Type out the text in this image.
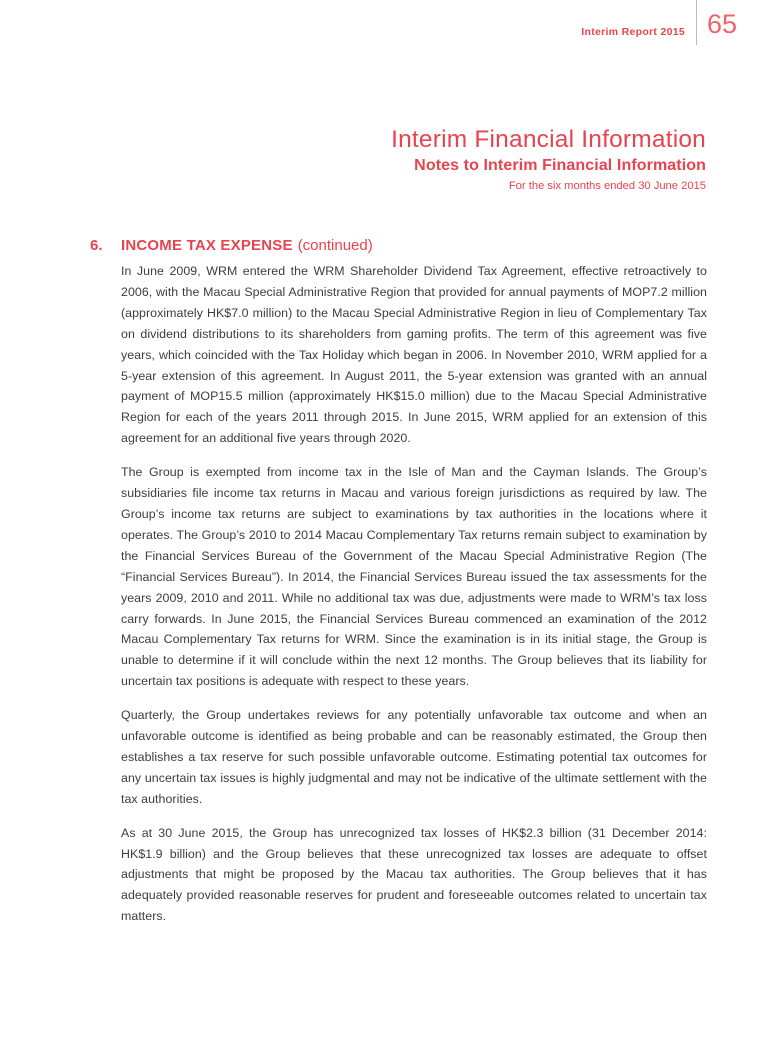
Interim Report 2015 65
Interim Financial Information
Notes to Interim Financial Information
For the six months ended 30 June 2015
6.	INCOME TAX EXPENSE (continued)

In June 2009, WRM entered the WRM Shareholder Dividend Tax Agreement, effective retroactively to 2006, with the Macau Special Administrative Region that provided for annual payments of MOP7.2 million (approximately HK$7.0 million) to the Macau Special Administrative Region in lieu of Complementary Tax on dividend distributions to its shareholders from gaming profits. The term of this agreement was five years, which coincided with the Tax Holiday which began in 2006. In November 2010, WRM applied for a 5-year extension of this agreement. In August 2011, the 5-year extension was granted with an annual payment of MOP15.5 million (approximately HK$15.0 million) due to the Macau Special Administrative Region for each of the years 2011 through 2015. In June 2015, WRM applied for an extension of this agreement for an additional five years through 2020.

The Group is exempted from income tax in the Isle of Man and the Cayman Islands. The Group’s subsidiaries file income tax returns in Macau and various foreign jurisdictions as required by law. The Group’s income tax returns are subject to examinations by tax authorities in the locations where it operates. The Group’s 2010 to 2014 Macau Complementary Tax returns remain subject to examination by the Financial Services Bureau of the Government of the Macau Special Administrative Region (The “Financial Services Bureau”). In 2014, the Financial Services Bureau issued the tax assessments for the years 2009, 2010 and 2011. While no additional tax was due, adjustments were made to WRM’s tax loss carry forwards. In June 2015, the Financial Services Bureau commenced an examination of the 2012 Macau Complementary Tax returns for WRM. Since the examination is in its initial stage, the Group is unable to determine if it will conclude within the next 12 months. The Group believes that its liability for uncertain tax positions is adequate with respect to these years.

Quarterly, the Group undertakes reviews for any potentially unfavorable tax outcome and when an unfavorable outcome is identified as being probable and can be reasonably estimated, the Group then establishes a tax reserve for such possible unfavorable outcome. Estimating potential tax outcomes for any uncertain tax issues is highly judgmental and may not be indicative of the ultimate settlement with the tax authorities.

As at 30 June 2015, the Group has unrecognized tax losses of HK$2.3 billion (31 December 2014: HK$1.9 billion) and the Group believes that these unrecognized tax losses are adequate to offset adjustments that might be proposed by the Macau tax authorities. The Group believes that it has adequately provided reasonable reserves for prudent and foreseeable outcomes related to uncertain tax matters.
